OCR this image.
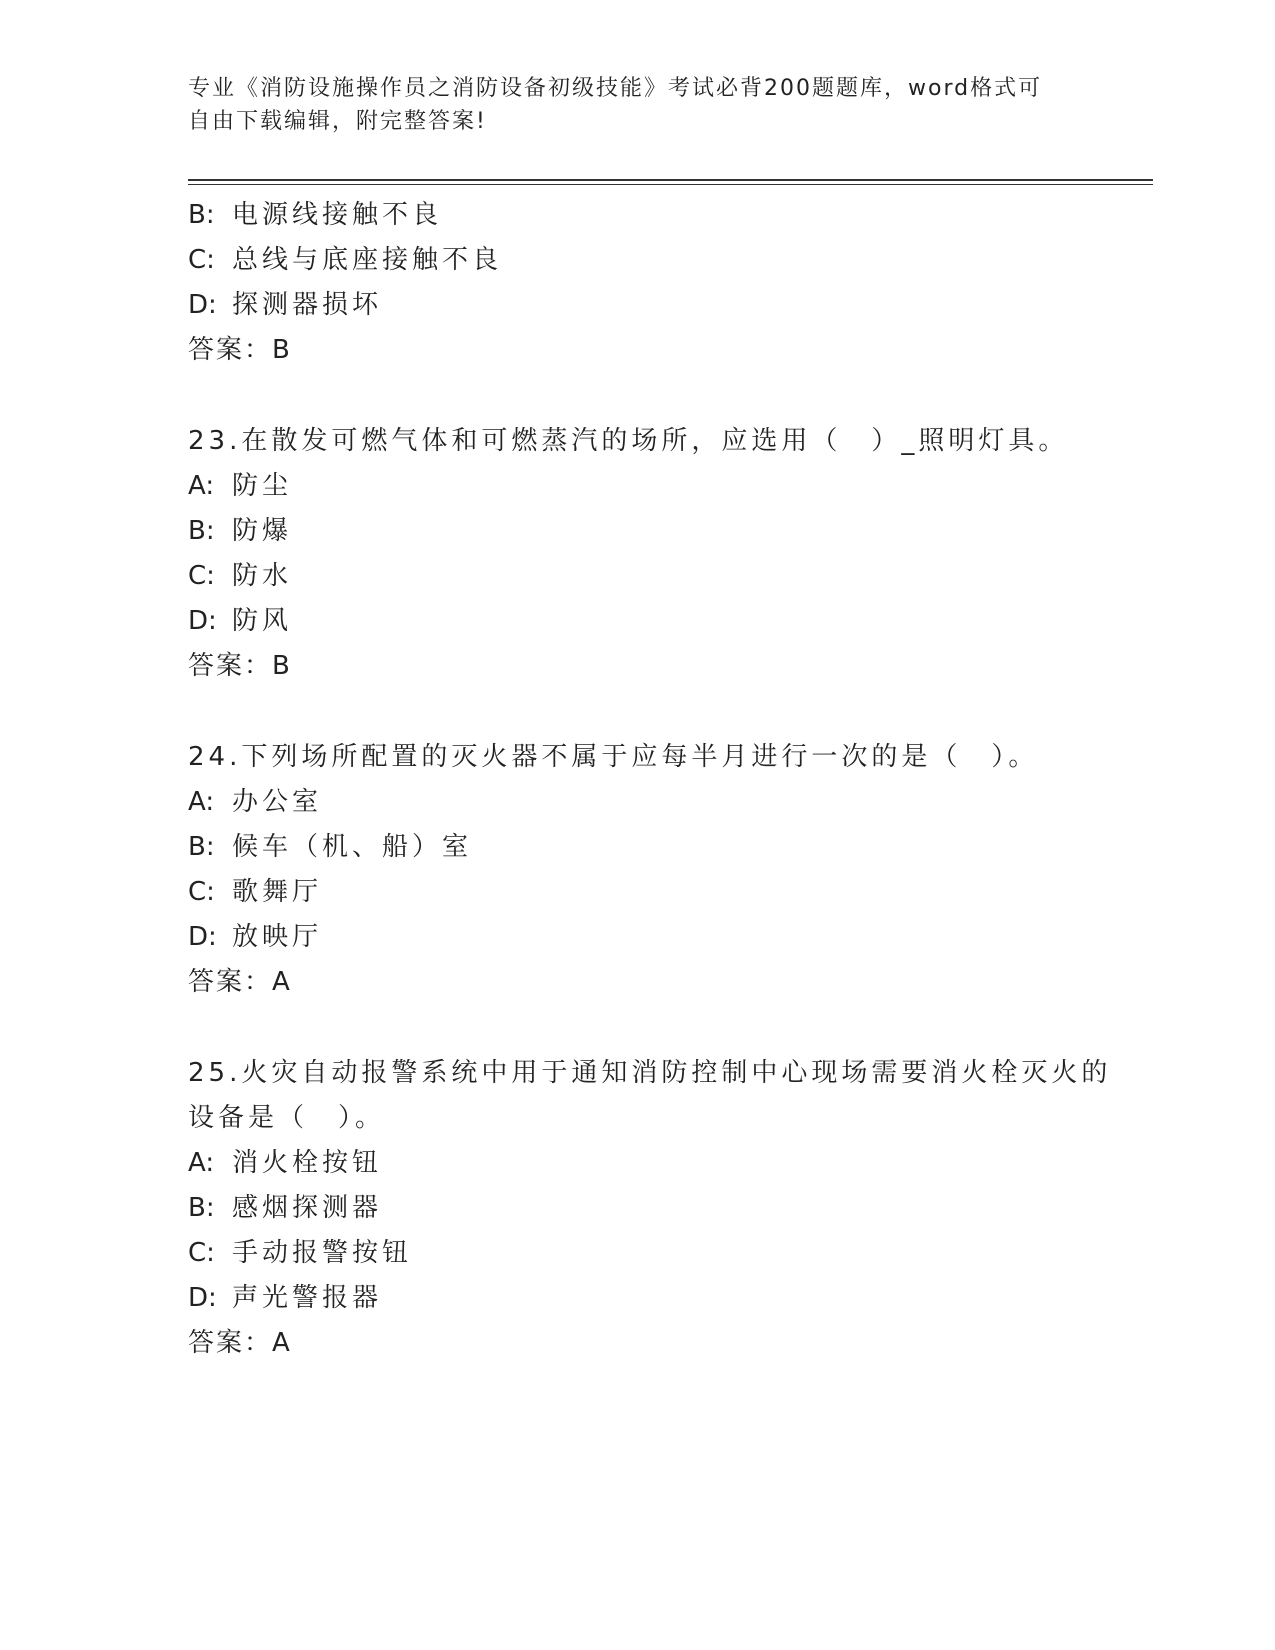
专业《消防设施操作员之消防设备初级技能》考试必背200题题库，word格式可
自由下载编辑，附完整答案!
B: 电源线接触不良
C: 总线与底座接触不良
D: 探测器损坏
答案：B
23.在散发可燃气体和可燃蒸汽的场所，应选用（　）_照明灯具。
A: 防尘
B: 防爆
C: 防水
D: 防风
答案：B
24.下列场所配置的灭火器不属于应每半月进行一次的是（　）。
A: 办公室
B: 候车（机、船）室
C: 歌舞厅
D: 放映厅
答案：A
25.火灾自动报警系统中用于通知消防控制中心现场需要消火栓灭火的
设备是（　）。
A: 消火栓按钮
B: 感烟探测器
C: 手动报警按钮
D: 声光警报器
答案：A
